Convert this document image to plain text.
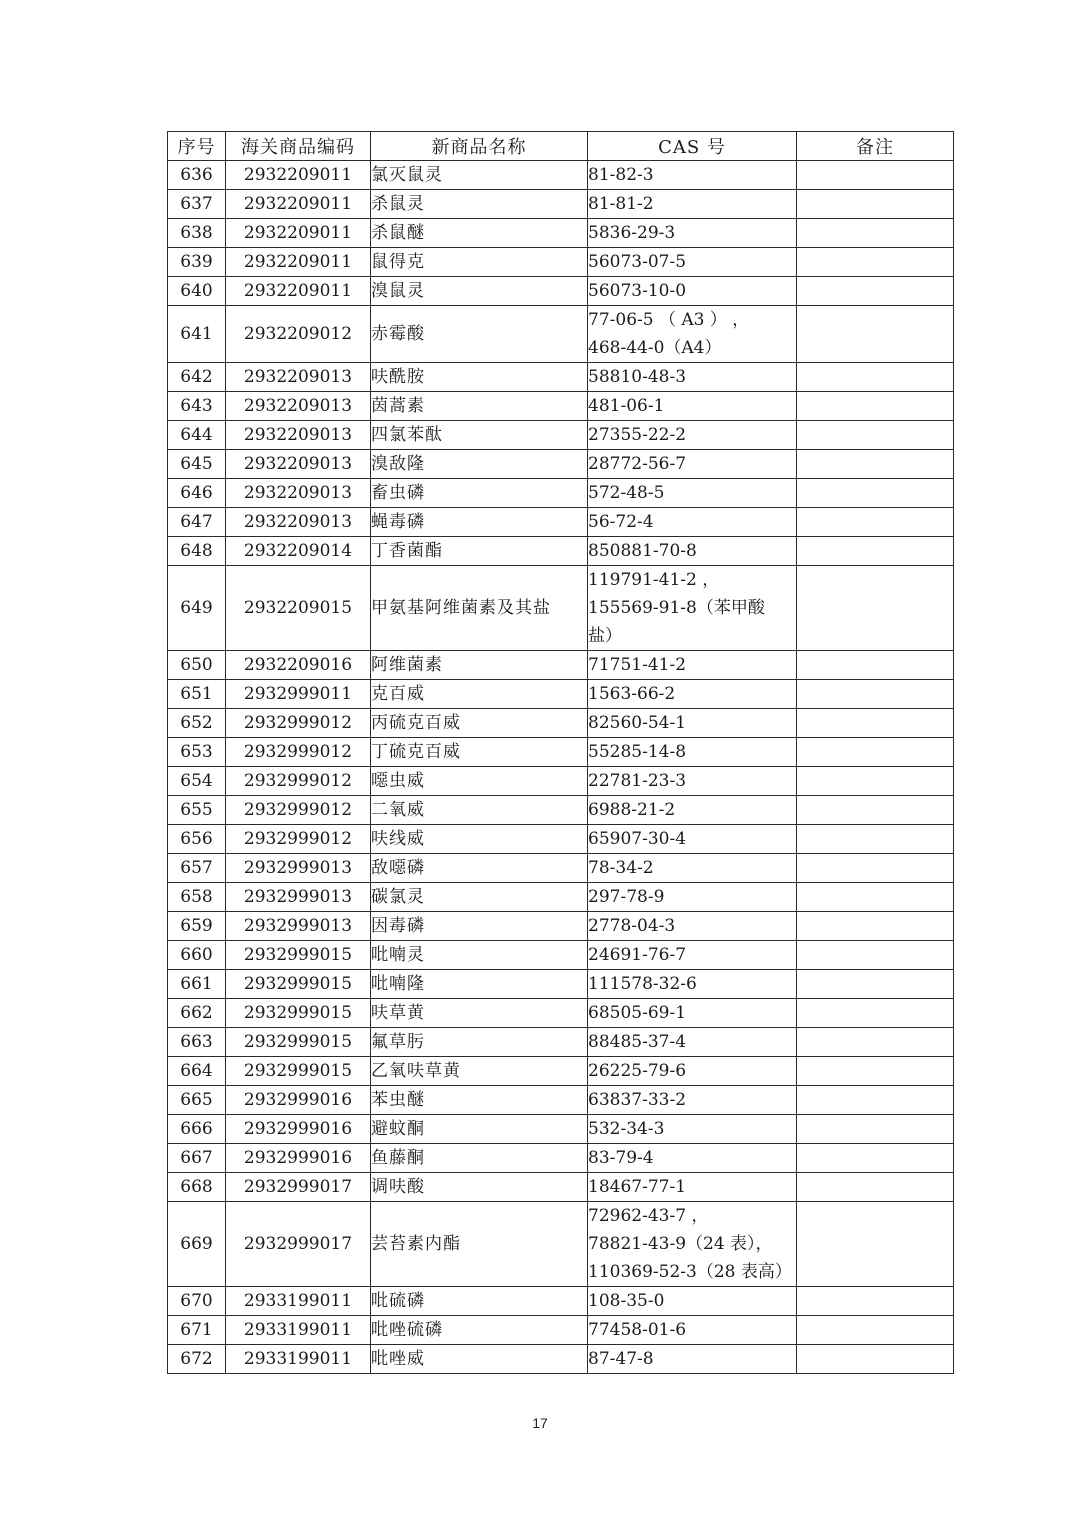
序号	海关商品编码	新商品名称	CAS 号	备注
636	2932209011	氯灭鼠灵	81-82-3	

637	2932209011	杀鼠灵	81-81-2	

638	2932209011	杀鼠醚	5836-29-3	

639	2932209011	鼠得克	56073-07-5	

640	2932209011	溴鼠灵	56073-10-0	

641	2932209012	赤霉酸	77-06-5 （ A3 ） ，
468-44-0（A4）	

642	2932209013	呋酰胺	58810-48-3	

643	2932209013	茵蒿素	481-06-1	

644	2932209013	四氯苯酞	27355-22-2	

645	2932209013	溴敌隆	28772-56-7	

646	2932209013	畜虫磷	572-48-5	

647	2932209013	蝇毒磷	56-72-4	

648	2932209014	丁香菌酯	850881-70-8	

649	2932209015	甲氨基阿维菌素及其盐	119791-41-2 ，
155569-91-8（苯甲酸
盐）	

650	2932209016	阿维菌素	71751-41-2	

651	2932999011	克百威	1563-66-2	

652	2932999012	丙硫克百威	82560-54-1	

653	2932999012	丁硫克百威	55285-14-8	

654	2932999012	噁虫威	22781-23-3	

655	2932999012	二氧威	6988-21-2	

656	2932999012	呋线威	65907-30-4	

657	2932999013	敌噁磷	78-34-2	

658	2932999013	碳氯灵	297-78-9	

659	2932999013	因毒磷	2778-04-3	

660	2932999015	吡喃灵	24691-76-7	

661	2932999015	吡喃隆	111578-32-6	

662	2932999015	呋草黄	68505-69-1	

663	2932999015	氟草肟	88485-37-4	

664	2932999015	乙氧呋草黄	26225-79-6	

665	2932999016	苯虫醚	63837-33-2	

666	2932999016	避蚊酮	532-34-3	

667	2932999016	鱼藤酮	83-79-4	

668	2932999017	调呋酸	18467-77-1	

669	2932999017	芸苔素内酯	72962-43-7 ，
78821-43-9（24 表），
110369-52-3（28 表高）	

670	2933199011	吡硫磷	108-35-0	

671	2933199011	吡唑硫磷	77458-01-6	

672	2933199011	吡唑威	87-47-8	

17
